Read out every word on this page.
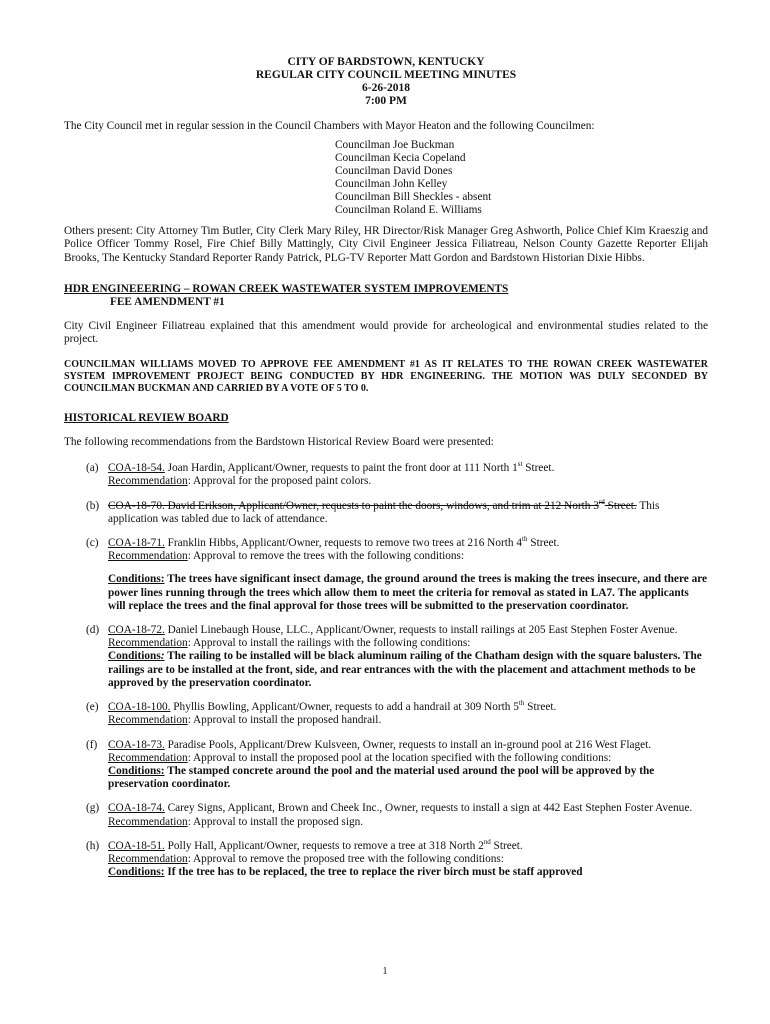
CITY OF BARDSTOWN, KENTUCKY
REGULAR CITY COUNCIL MEETING MINUTES
6-26-2018
7:00 PM
The City Council met in regular session in the Council Chambers with Mayor Heaton and the following Councilmen:
Councilman Joe Buckman
Councilman Kecia Copeland
Councilman David Dones
Councilman John Kelley
Councilman Bill Sheckles - absent
Councilman Roland E. Williams
Others present: City Attorney Tim Butler, City Clerk Mary Riley, HR Director/Risk Manager Greg Ashworth, Police Chief Kim Kraeszig and Police Officer Tommy Rosel, Fire Chief Billy Mattingly, City Civil Engineer Jessica Filiatreau, Nelson County Gazette Reporter Elijah Brooks, The Kentucky Standard Reporter Randy Patrick, PLG-TV Reporter Matt Gordon and Bardstown Historian Dixie Hibbs.
HDR ENGINEEERING – ROWAN CREEK WASTEWATER SYSTEM IMPROVEMENTS
FEE AMENDMENT #1
City Civil Engineer Filiatreau explained that this amendment would provide for archeological and environmental studies related to the project.
COUNCILMAN WILLIAMS MOVED TO APPROVE FEE AMENDMENT #1 AS IT RELATES TO THE ROWAN CREEK WASTEWATER SYSTEM IMPROVEMENT PROJECT BEING CONDUCTED BY HDR ENGINEERING. THE MOTION WAS DULY SECONDED BY COUNCILMAN BUCKMAN AND CARRIED BY A VOTE OF 5 TO 0.
HISTORICAL REVIEW BOARD
The following recommendations from the Bardstown Historical Review Board were presented:
(a) COA-18-54. Joan Hardin, Applicant/Owner, requests to paint the front door at 111 North 1st Street.
Recommendation: Approval for the proposed paint colors.
(b) COA-18-70. David Erikson, Applicant/Owner, requests to paint the doors, windows, and trim at 212 North 3rd Street. This application was tabled due to lack of attendance.
(c) COA-18-71. Franklin Hibbs, Applicant/Owner, requests to remove two trees at 216 North 4th Street.
Recommendation: Approval to remove the trees with the following conditions:
Conditions: The trees have significant insect damage, the ground around the trees is making the trees insecure, and there are power lines running through the trees which allow them to meet the criteria for removal as stated in LA7. The applicants will replace the trees and the final approval for those trees will be submitted to the preservation coordinator.
(d) COA-18-72. Daniel Linebaugh House, LLC., Applicant/Owner, requests to install railings at 205 East Stephen Foster Avenue.
Recommendation: Approval to install the railings with the following conditions:
Conditions: The railing to be installed will be black aluminum railing of the Chatham design with the square balusters. The railings are to be installed at the front, side, and rear entrances with the with the placement and attachment methods to be approved by the preservation coordinator.
(e) COA-18-100. Phyllis Bowling, Applicant/Owner, requests to add a handrail at 309 North 5th Street.
Recommendation: Approval to install the proposed handrail.
(f) COA-18-73. Paradise Pools, Applicant/Drew Kulsveen, Owner, requests to install an in-ground pool at 216 West Flaget.
Recommendation: Approval to install the proposed pool at the location specified with the following conditions:
Conditions: The stamped concrete around the pool and the material used around the pool will be approved by the preservation coordinator.
(g) COA-18-74. Carey Signs, Applicant, Brown and Cheek Inc., Owner, requests to install a sign at 442 East Stephen Foster Avenue.
Recommendation: Approval to install the proposed sign.
(h) COA-18-51. Polly Hall, Applicant/Owner, requests to remove a tree at 318 North 2nd Street.
Recommendation: Approval to remove the proposed tree with the following conditions:
Conditions: If the tree has to be replaced, the tree to replace the river birch must be staff approved
1
